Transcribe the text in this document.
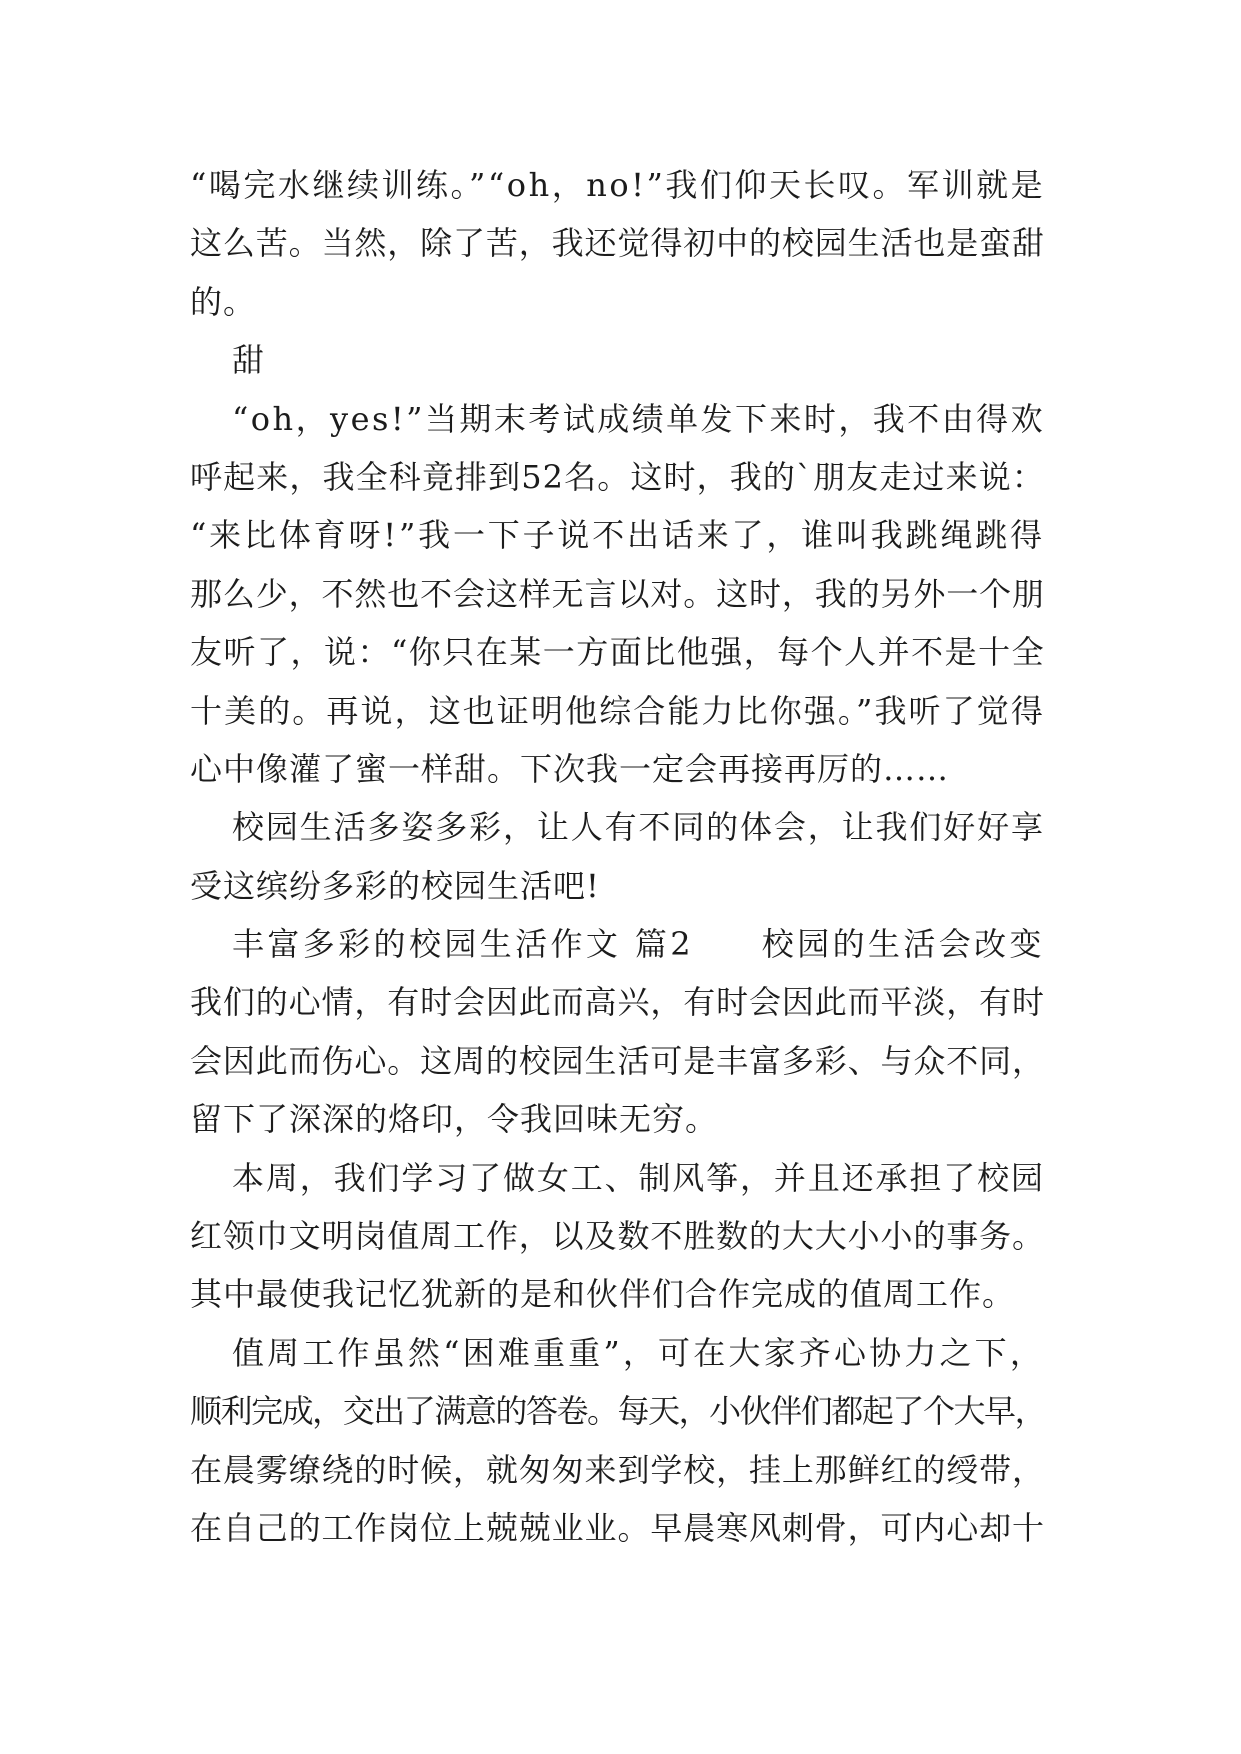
“喝完水继续训练。”“oh，no!”我们仰天长叹。军训就是
这么苦。当然，除了苦，我还觉得初中的校园生活也是蛮甜
的。
甜
“oh，yes!”当期末考试成绩单发下来时，我不由得欢
呼起来，我全科竟排到52名。这时，我的`朋友走过来说：
“来比体育呀!”我一下子说不出话来了，谁叫我跳绳跳得
那么少，不然也不会这样无言以对。这时，我的另外一个朋
友听了，说：“你只在某一方面比他强，每个人并不是十全
十美的。再说，这也证明他综合能力比你强。”我听了觉得
心中像灌了蜜一样甜。下次我一定会再接再厉的……
校园生活多姿多彩，让人有不同的体会，让我们好好享
受这缤纷多彩的校园生活吧!
丰富多彩的校园生活作文 篇2     校园的生活会改变
我们的心情，有时会因此而高兴，有时会因此而平淡，有时
会因此而伤心。这周的校园生活可是丰富多彩、与众不同，
留下了深深的烙印，令我回味无穷。
本周，我们学习了做女工、制风筝，并且还承担了校园
红领巾文明岗值周工作，以及数不胜数的大大小小的事务。
其中最使我记忆犹新的是和伙伴们合作完成的值周工作。
值周工作虽然“困难重重”，可在大家齐心协力之下，
顺利完成，交出了满意的答卷。每天，小伙伴们都起了个大早，
在晨雾缭绕的时候，就匆匆来到学校，挂上那鲜红的绶带，
在自己的工作岗位上兢兢业业。早晨寒风刺骨，可内心却十
